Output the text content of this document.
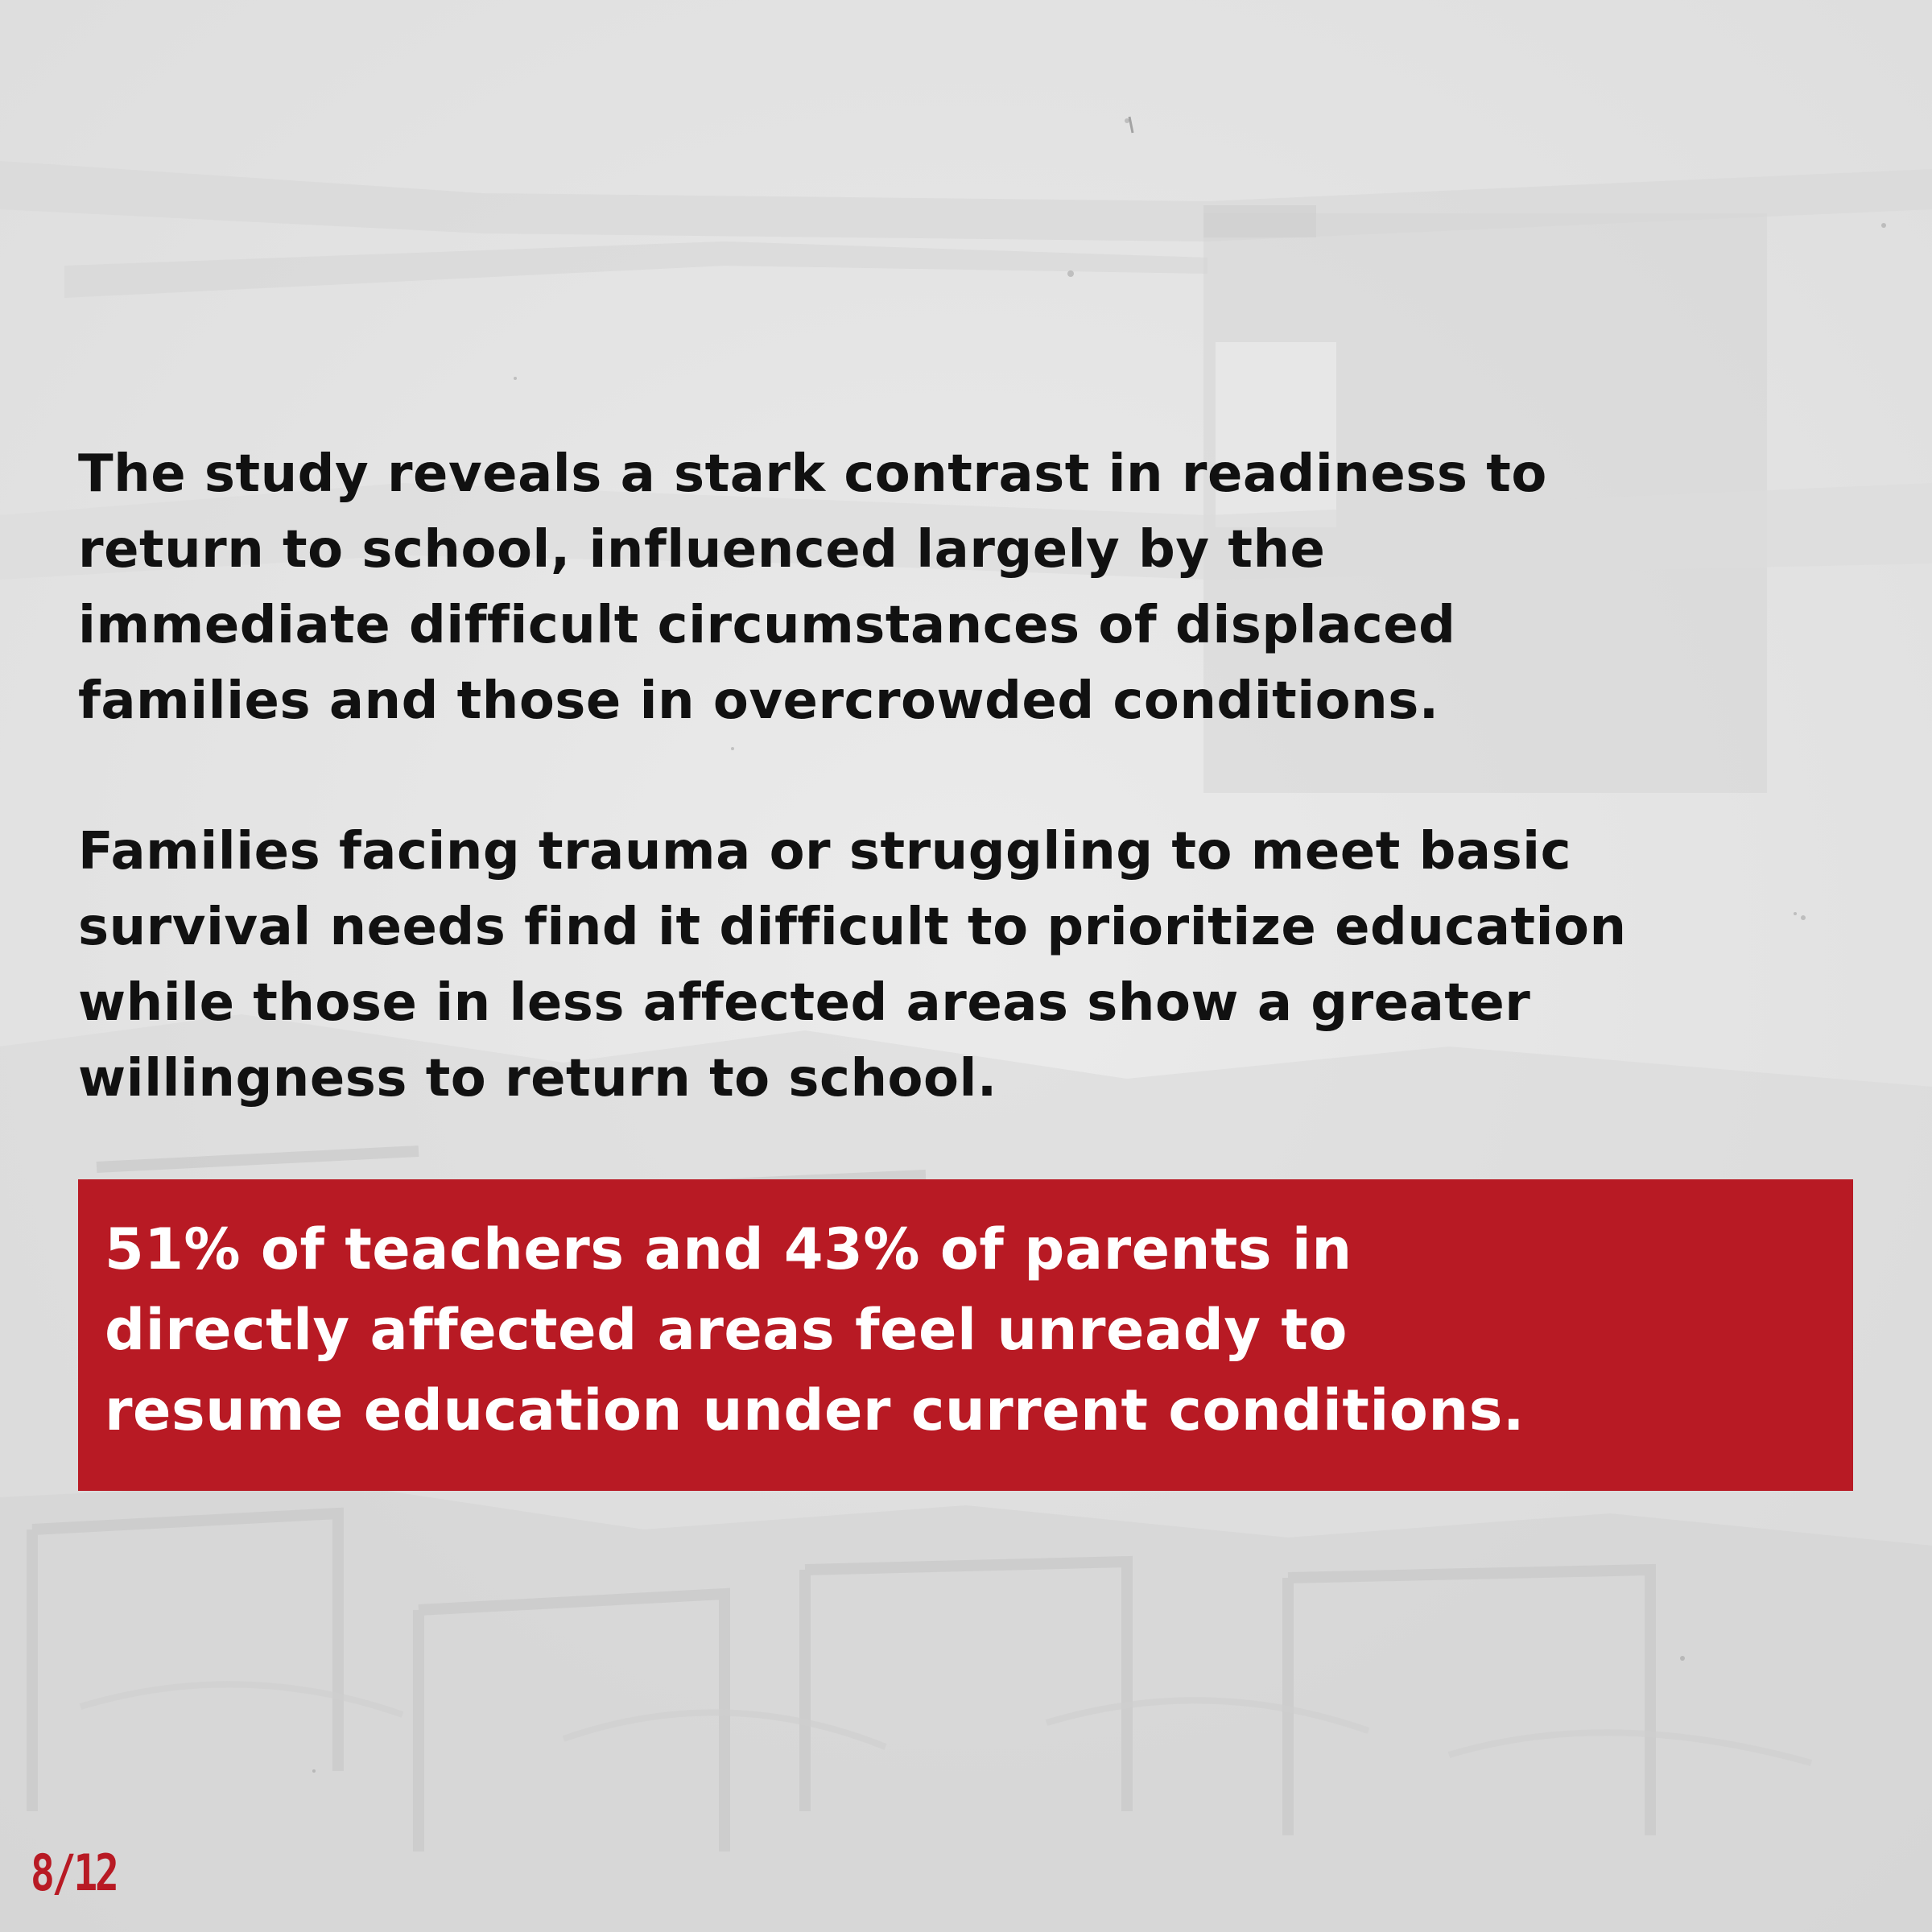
The study reveals a stark contrast in readiness to
return to school, influenced largely by the
immediate difficult circumstances of displaced
families and those in overcrowded conditions.

Families facing trauma or struggling to meet basic
survival needs find it difficult to prioritize education
while those in less affected areas show a greater
willingness to return to school.

51% of teachers and 43% of parents in
directly affected areas feel unready to
resume education under current conditions.

8/12
